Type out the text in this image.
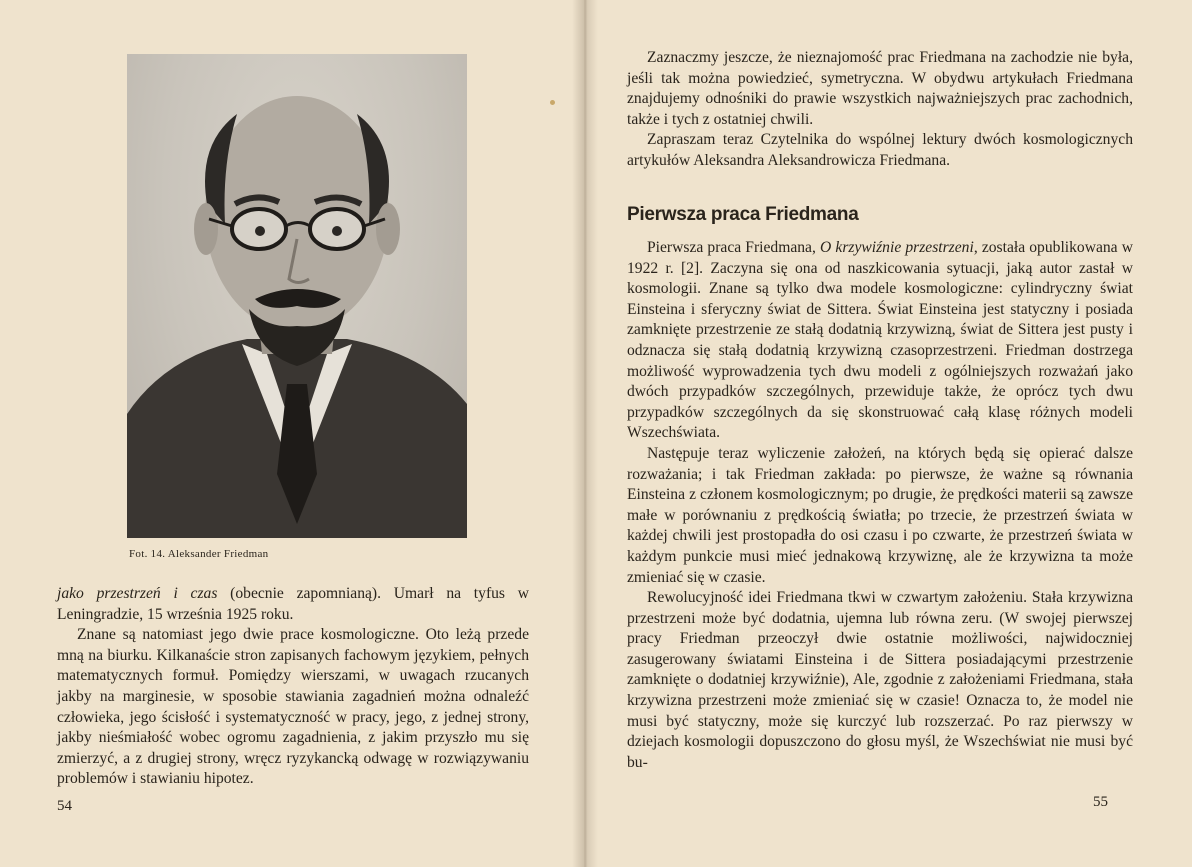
Fot. 14. Aleksander Friedman

jako przestrzeń i czas (obecnie zapomnianą). Umarł na tyfus w Leningradzie, 15 września 1925 roku.

Znane są natomiast jego dwie prace kosmologiczne. Oto leżą przede mną na biurku. Kilkanaście stron zapisanych fachowym językiem, pełnych matematycznych formuł. Pomiędzy wierszami, w uwagach rzucanych jakby na marginesie, w sposobie stawiania zagadnień można odnaleźć człowieka, jego ścisłość i systematyczność w pracy, jego, z jednej strony, jakby nieśmiałość wobec ogromu zagadnienia, z jakim przyszło mu się zmierzyć, a z drugiej strony, wręcz ryzykancką odwagę w rozwiązywaniu problemów i stawianiu hipotez.

54

Zaznaczmy jeszcze, że nieznajomość prac Friedmana na zachodzie nie była, jeśli tak można powiedzieć, symetryczna. W obydwu artykułach Friedmana znajdujemy odnośniki do prawie wszystkich najważniejszych prac zachodnich, także i tych z ostatniej chwili.

Zapraszam teraz Czytelnika do wspólnej lektury dwóch kosmologicznych artykułów Aleksandra Aleksandrowicza Friedmana.

Pierwsza praca Friedmana

Pierwsza praca Friedmana, O krzywiźnie przestrzeni, została opublikowana w 1922 r. [2]. Zaczyna się ona od naszkicowania sytuacji, jaką autor zastał w kosmologii. Znane są tylko dwa modele kosmologiczne: cylindryczny świat Einsteina i sferyczny świat de Sittera. Świat Einsteina jest statyczny i posiada zamknięte przestrzenie ze stałą dodatnią krzywizną, świat de Sittera jest pusty i odznacza się stałą dodatnią krzywizną czasoprzestrzeni. Friedman dostrzega możliwość wyprowadzenia tych dwu modeli z ogólniejszych rozważań jako dwóch przypadków szczególnych, przewiduje także, że oprócz tych dwu przypadków szczególnych da się skonstruować całą klasę różnych modeli Wszechświata.

Następuje teraz wyliczenie założeń, na których będą się opierać dalsze rozważania; i tak Friedman zakłada: po pierwsze, że ważne są równania Einsteina z członem kosmologicznym; po drugie, że prędkości materii są zawsze małe w porównaniu z prędkością światła; po trzecie, że przestrzeń świata w każdej chwili jest prostopadła do osi czasu i po czwarte, że przestrzeń świata w każdym punkcie musi mieć jednakową krzywiznę, ale że krzywizna ta może zmieniać się w czasie.

Rewolucyjność idei Friedmana tkwi w czwartym założeniu. Stała krzywizna przestrzeni może być dodatnia, ujemna lub równa zeru. (W swojej pierwszej pracy Friedman przeoczył dwie ostatnie możliwości, najwidoczniej zasugerowany światami Einsteina i de Sittera posiadającymi przestrzenie zamknięte o dodatniej krzywiźnie), Ale, zgodnie z założeniami Friedmana, stała krzywizna przestrzeni może zmieniać się w czasie! Oznacza to, że model nie musi być statyczny, może się kurczyć lub rozszerzać. Po raz pierwszy w dziejach kosmologii dopuszczono do głosu myśl, że Wszechświat nie musi być bu-

55
